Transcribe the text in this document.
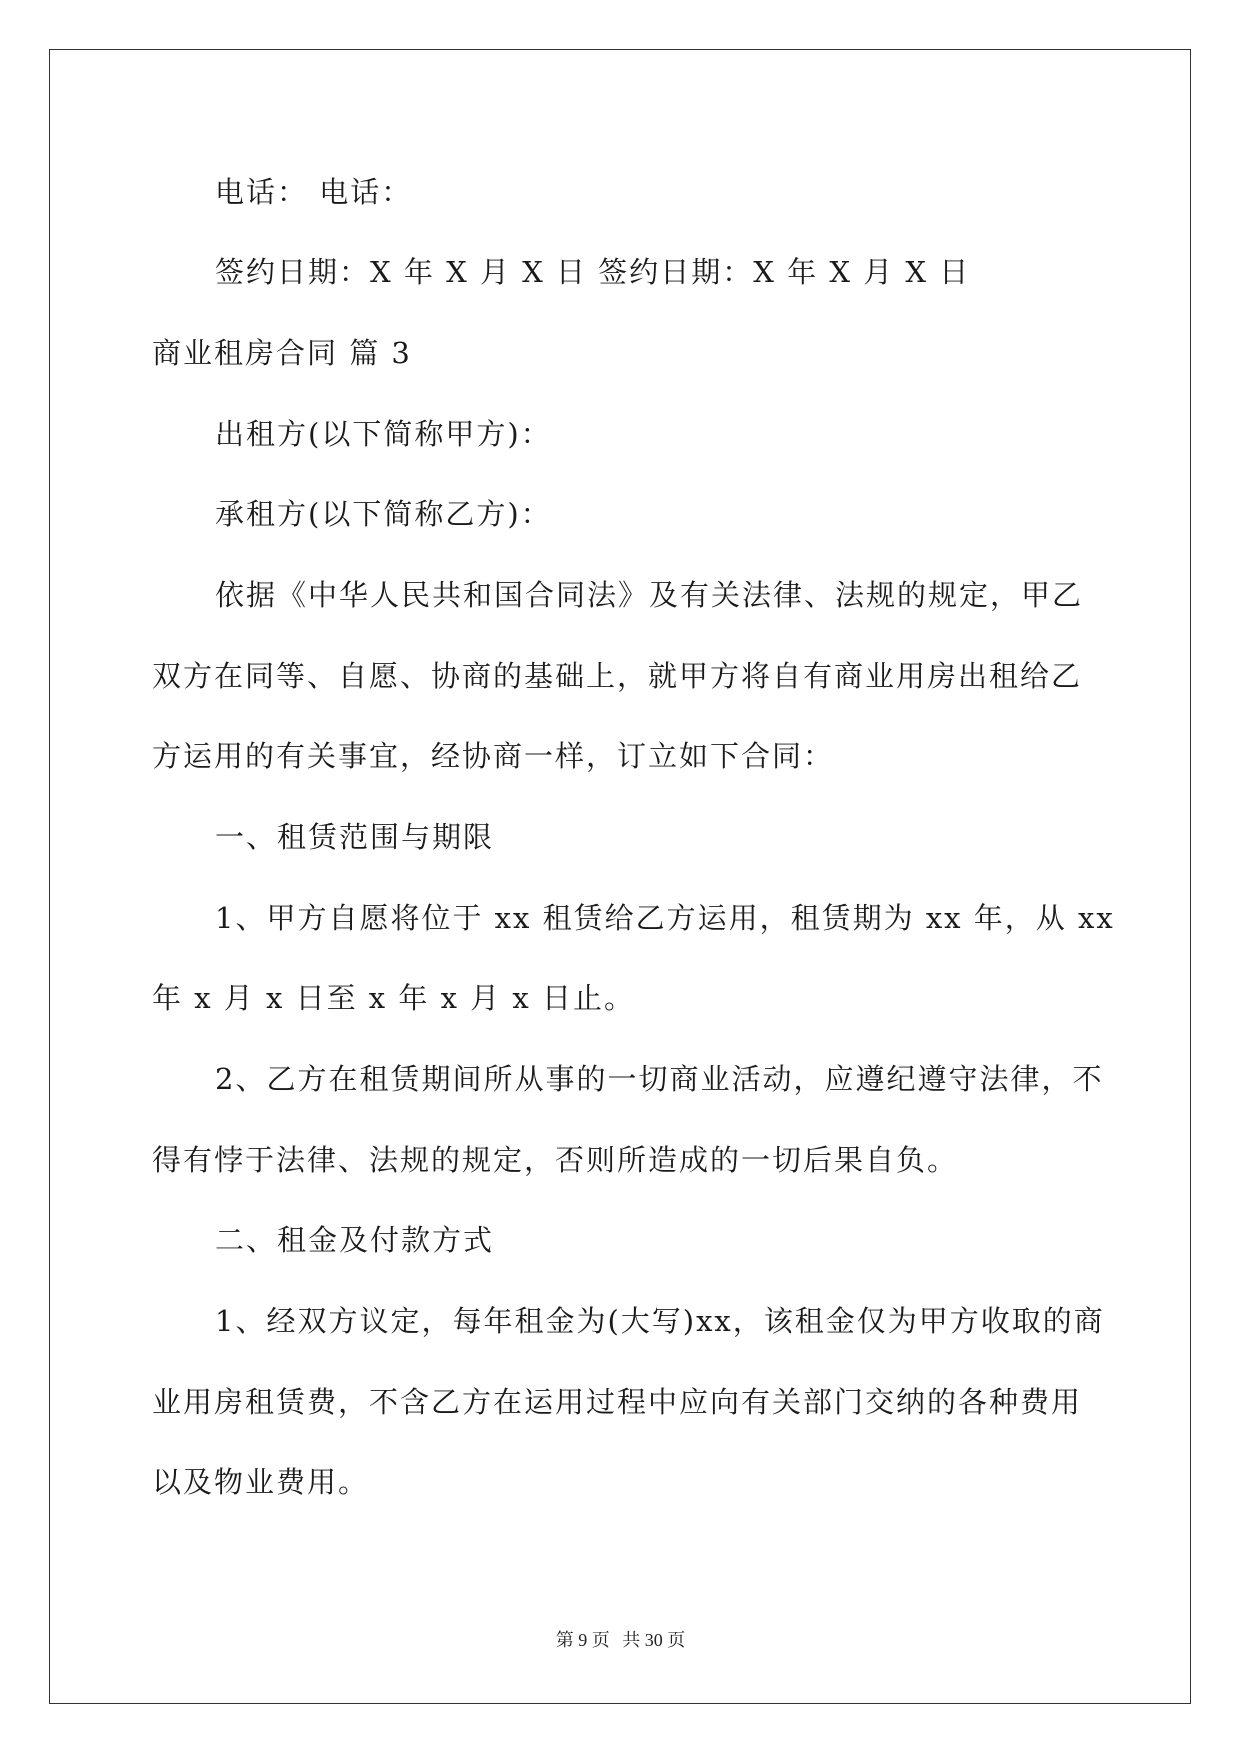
电话： 电话：
签约日期：X 年 X 月 X 日 签约日期：X 年 X 月 X 日
商业租房合同 篇 3
出租方(以下简称甲方)：
承租方(以下简称乙方)：
依据《中华人民共和国合同法》及有关法律、法规的规定，甲乙
双方在同等、自愿、协商的基础上，就甲方将自有商业用房出租给乙
方运用的有关事宜，经协商一样，订立如下合同：
一、租赁范围与期限
1、甲方自愿将位于 xx 租赁给乙方运用，租赁期为 xx 年，从 xx
年 x 月 x 日至 x 年 x 月 x 日止。
2、乙方在租赁期间所从事的一切商业活动，应遵纪遵守法律，不
得有悖于法律、法规的规定，否则所造成的一切后果自负。
二、租金及付款方式
1、经双方议定，每年租金为(大写)xx，该租金仅为甲方收取的商
业用房租赁费，不含乙方在运用过程中应向有关部门交纳的各种费用
以及物业费用。
第 9 页 共 30 页
